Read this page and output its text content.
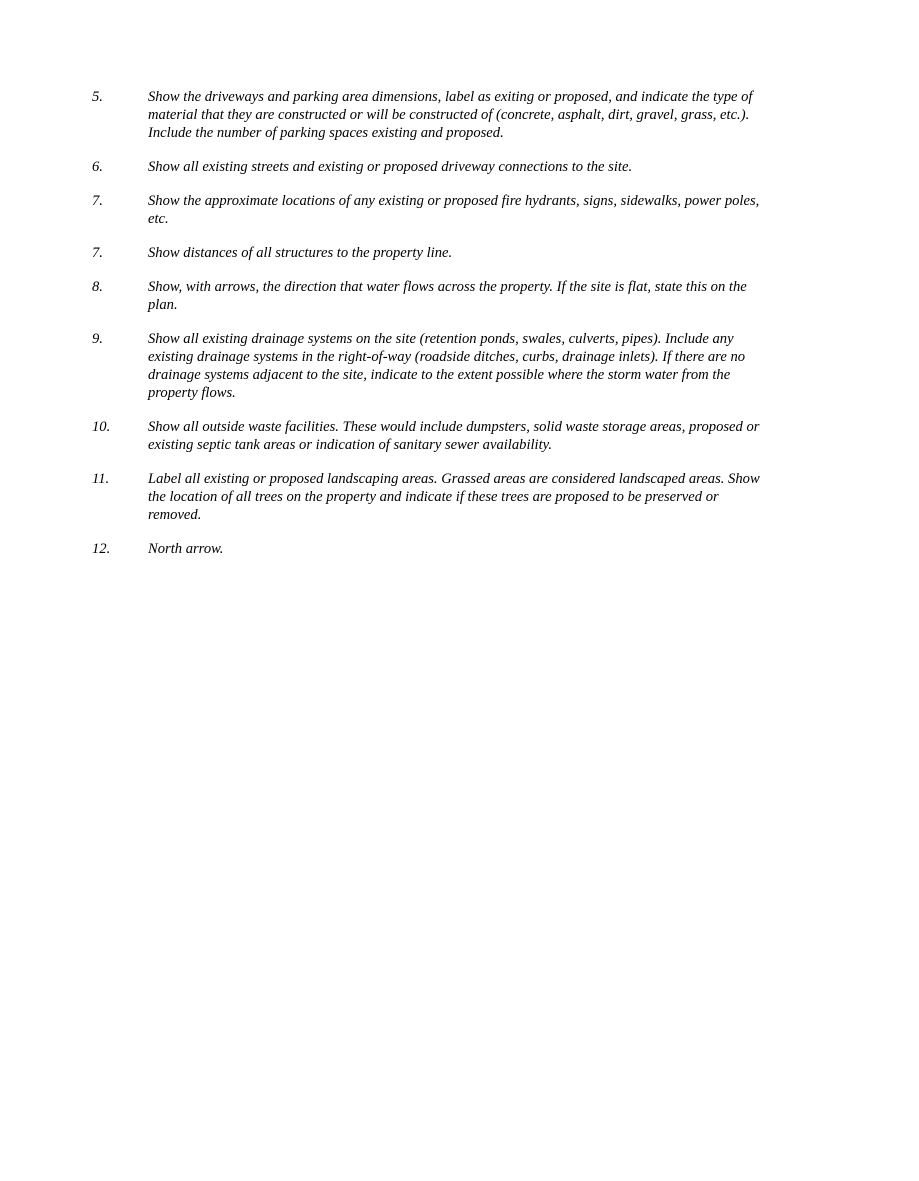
5.	Show the driveways and parking area dimensions, label as exiting or proposed, and indicate the type of
material that they are constructed or will be constructed of (concrete, asphalt, dirt, gravel, grass, etc.).
Include the number of parking spaces existing and proposed.
6.	Show all existing streets and existing or proposed driveway connections to the site.
7.	Show the approximate locations of any existing or proposed fire hydrants, signs, sidewalks, power poles,
etc.
7.	Show distances of all structures to the property line.
8.	Show, with arrows, the direction that water flows across the property. If the site is flat, state this on the
plan.
9.	Show all existing drainage systems on the site (retention ponds, swales, culverts, pipes). Include any
existing drainage systems in the right-of-way (roadside ditches, curbs, drainage inlets). If there are no
drainage systems adjacent to the site, indicate to the extent possible where the storm water from the
property flows.
10.	Show all outside waste facilities. These would include dumpsters, solid waste storage areas, proposed or
existing septic tank areas or indication of sanitary sewer availability.
11.	Label all existing or proposed landscaping areas. Grassed areas are considered landscaped areas. Show
the location of all trees on the property and indicate if these trees are proposed to be preserved or
removed.
12.	North arrow.
